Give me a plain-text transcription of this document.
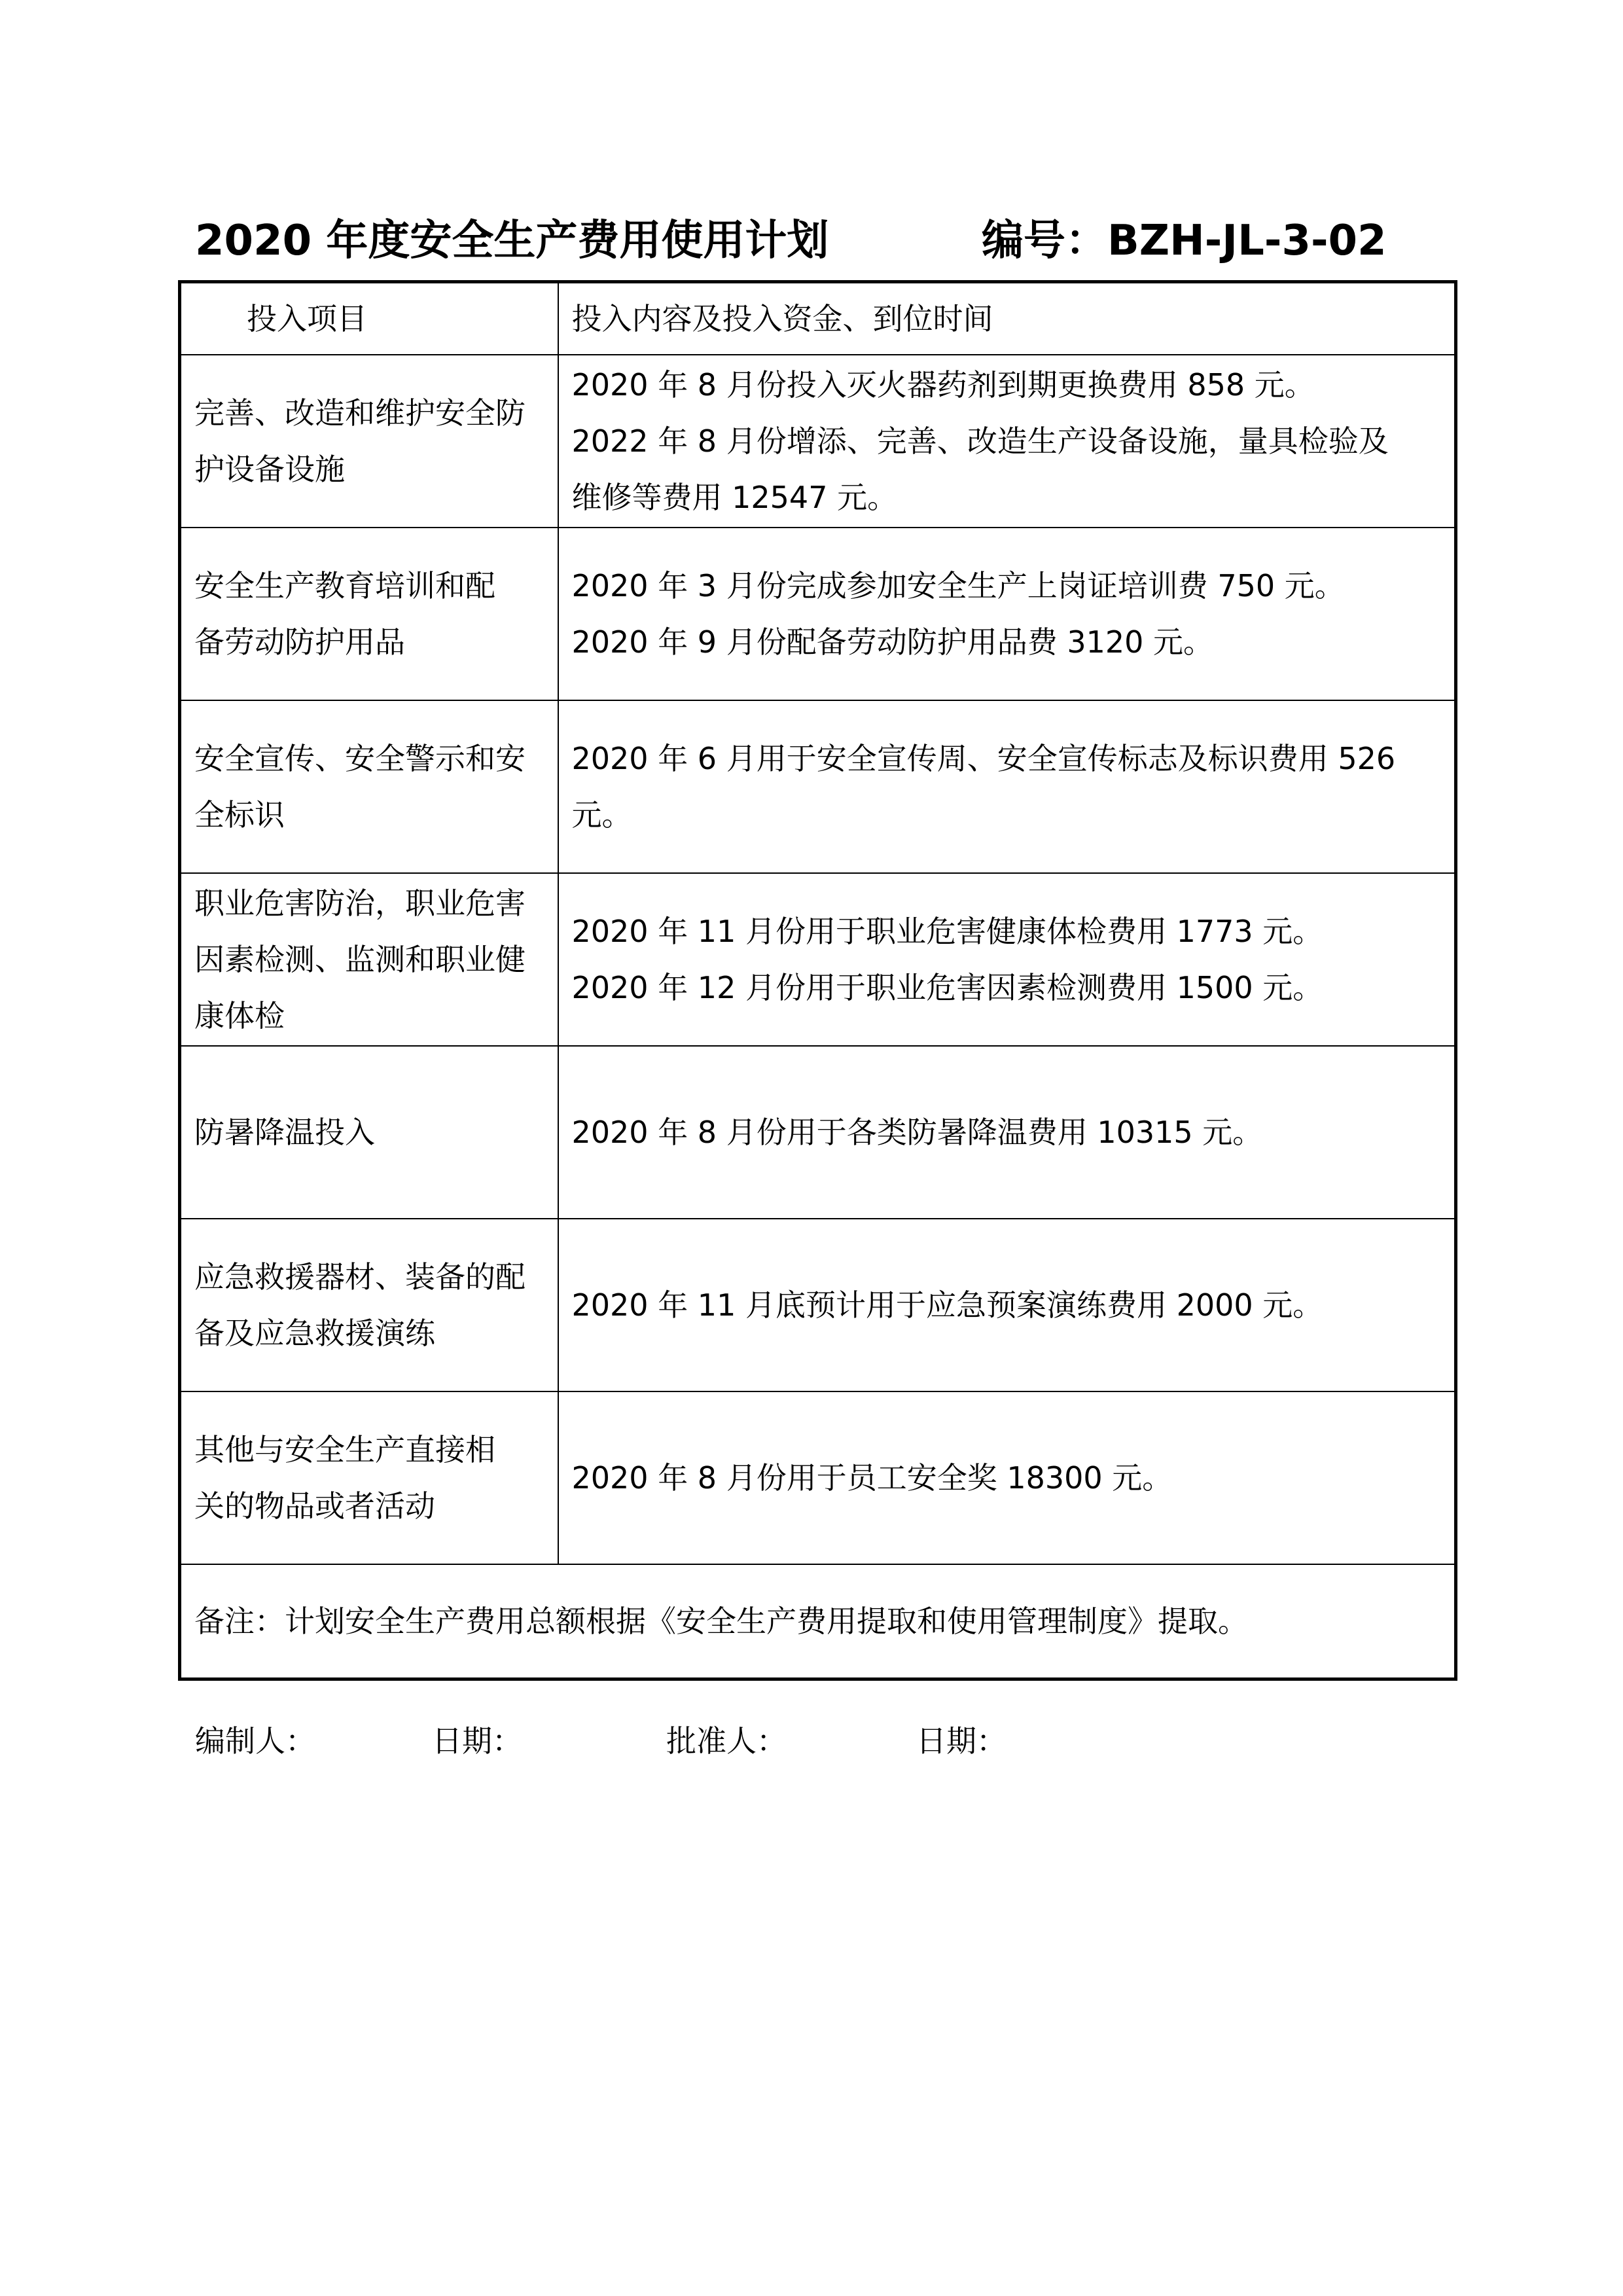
2020 年度安全生产费用使用计划	编号：BZH-JL-3-02
投入项目	投入内容及投入资金、到位时间

完善、改造和维护安全防
护设备设施	2020 年 8 月份投入灭火器药剂到期更换费用 858 元。
2022 年 8 月份增添、完善、改造生产设备设施，量具检验及
维修等费用 12547 元。

安全生产教育培训和配
备劳动防护用品	2020 年 3 月份完成参加安全生产上岗证培训费 750 元。
2020 年 9 月份配备劳动防护用品费 3120 元。

安全宣传、安全警示和安
全标识	2020 年 6 月用于安全宣传周、安全宣传标志及标识费用 526
元。

职业危害防治，职业危害
因素检测、监测和职业健
康体检	2020 年 11 月份用于职业危害健康体检费用 1773 元。
2020 年 12 月份用于职业危害因素检测费用 1500 元。

防暑降温投入	2020 年 8 月份用于各类防暑降温费用 10315 元。

应急救援器材、装备的配
备及应急救援演练	2020 年 11 月底预计用于应急预案演练费用 2000 元。

其他与安全生产直接相
关的物品或者活动	2020 年 8 月份用于员工安全奖 18300 元。

备注：计划安全生产费用总额根据《安全生产费用提取和使用管理制度》提取。	
编制人：	日期：	批准人：	日期：
